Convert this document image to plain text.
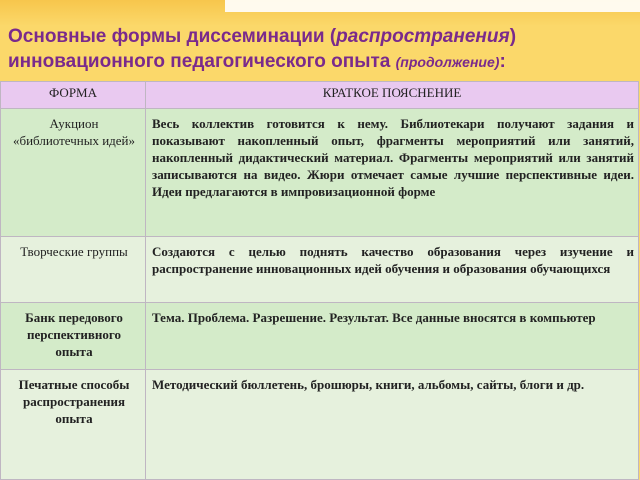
Основные формы диссеминации (распространения) инновационного педагогического опыта (продолжение):
ФОРМА	КРАТКОЕ ПОЯСНЕНИЕ
Аукцион «библиотечных идей»	Весь коллектив готовится к нему. Библиотекари получают задания и показывают накопленный опыт, фрагменты мероприятий или занятий, накопленный дидактический материал. Фрагменты мероприятий или занятий записываются на видео. Жюри отмечает самые лучшие перспективные идеи. Идеи предлагаются в импровизационной форме
Творческие группы	Создаются с целью поднять качество образования через изучение и распространение инновационных идей обучения и образования обучающихся
Банк передового перспективного опыта	Тема. Проблема. Разрешение. Результат. Все данные вносятся в компьютер
Печатные способы распространения опыта	Методический бюллетень, брошюры, книги, альбомы, сайты, блоги и др.
